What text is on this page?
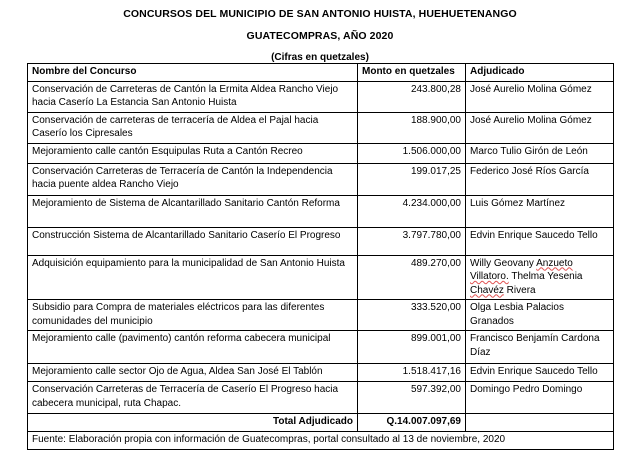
CONCURSOS DEL MUNICIPIO DE SAN ANTONIO HUISTA, HUEHUETENANGO
GUATECOMPRAS, AÑO 2020
(Cifras en quetzales)
Nombre del Concurso	Monto en quetzales	Adjudicado
Conservación de Carreteras de Cantón la Ermita Aldea Rancho Viejo hacia Caserío La Estancia San Antonio Huista	243.800,28	José Aurelio Molina Gómez
Conservación de carreteras de terracería de Aldea el Pajal hacia Caserío los Cipresales	188.900,00	José Aurelio Molina Gómez
Mejoramiento calle cantón Esquipulas Ruta a Cantón Recreo	1.506.000,00	Marco Tulio Girón de León
Conservación Carreteras de Terracería de Cantón la Independencia hacia puente aldea Rancho Viejo	199.017,25	Federico José Ríos García
Mejoramiento de Sistema de Alcantarillado Sanitario Cantón Reforma	4.234.000,00	Luis Gómez Martínez
Construcción Sistema de Alcantarillado Sanitario Caserío El Progreso	3.797.780,00	Edvin Enrique Saucedo Tello
Adquisición equipamiento para la municipalidad de San Antonio Huista	489.270,00	Willy Geovany Anzueto
Villatoro. Thelma Yesenia
Chavéz Rivera
Subsidio para Compra de materiales eléctricos para las diferentes comunidades del municipio	333.520,00	Olga Lesbia Palacios Granados
Mejoramiento calle (pavimento) cantón reforma cabecera municipal	899.001,00	Francisco Benjamín Cardona Díaz
Mejoramiento calle sector Ojo de Agua, Aldea San José El Tablón	1.518.417,16	Edvin Enrique Saucedo Tello
Conservación Carreteras de Terracería de Caserío El Progreso hacia cabecera municipal, ruta Chapac.	597.392,00	Domingo Pedro Domingo
Total Adjudicado	Q.14.007.097,69	
Fuente: Elaboración propia con información de Guatecompras, portal consultado al 13 de noviembre, 2020		
